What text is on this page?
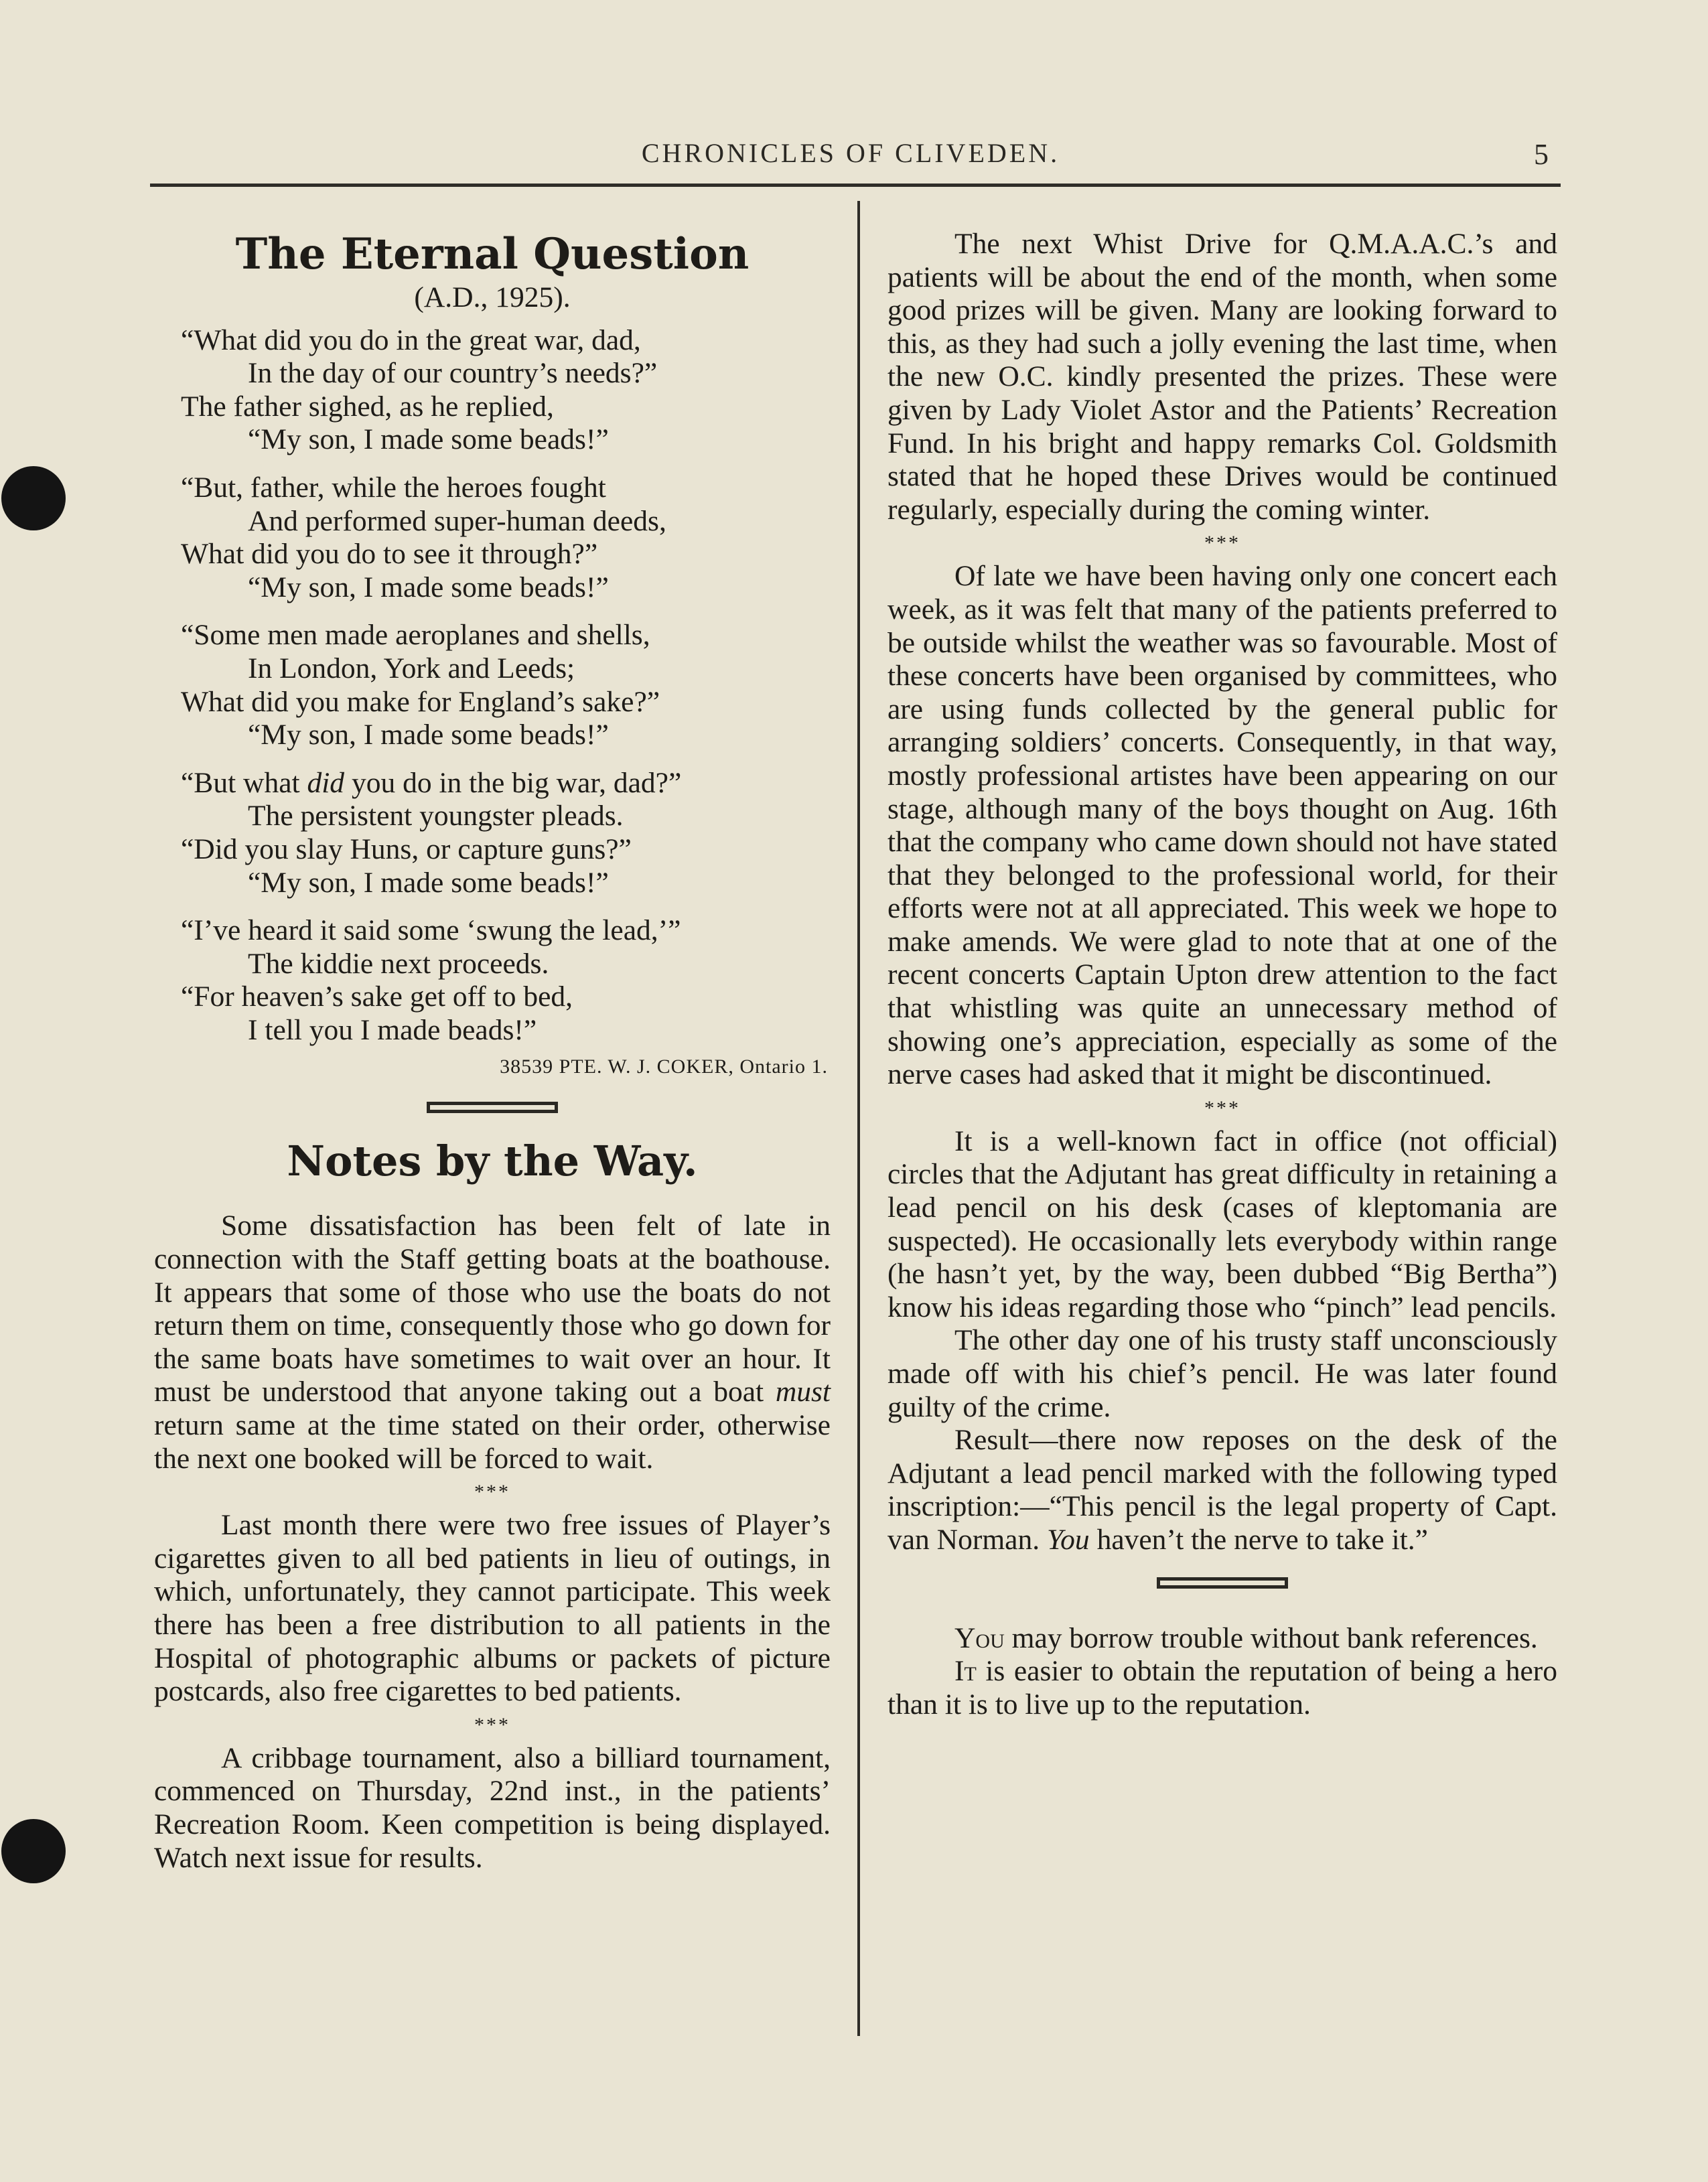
CHRONICLES OF CLIVEDEN.	5
The Eternal Question

(A.D., 1925).

“What did you do in the great war, dad,
In the day of our country’s needs?”
The father sighed, as he replied,
“My son, I made some beads!”
“But, father, while the heroes fought
And performed super-human deeds,
What did you do to see it through?”
“My son, I made some beads!”
“Some men made aeroplanes and shells,
In London, York and Leeds;
What did you make for England’s sake?”
“My son, I made some beads!”
“But what did you do in the big war, dad?”
The persistent youngster pleads.
“Did you slay Huns, or capture guns?”
“My son, I made some beads!”
“I’ve heard it said some ‘swung the lead,’”
The kiddie next proceeds.
“For heaven’s sake get off to bed,
I tell you I made beads!”

38539 PTE. W. J. COKER, Ontario 1.

Notes by the Way.

Some dissatisfaction has been felt of late in connection with the Staff getting boats at the boathouse. It appears that some of those who use the boats do not return them on time, consequently those who go down for the same boats have sometimes to wait over an hour. It must be understood that anyone taking out a boat must return same at the time stated on their order, otherwise the next one booked will be forced to wait.

***

Last month there were two free issues of Player’s cigarettes given to all bed patients in lieu of outings, in which, unfortunately, they cannot participate. This week there has been a free distribution to all patients in the Hospital of photographic albums or packets of picture postcards, also free cigarettes to bed patients.

***

A cribbage tournament, also a billiard tournament, commenced on Thursday, 22nd inst., in the patients’ Recreation Room. Keen competition is being displayed. Watch next issue for results.

The next Whist Drive for Q.M.A.A.C.’s and patients will be about the end of the month, when some good prizes will be given. Many are looking forward to this, as they had such a jolly evening the last time, when the new O.C. kindly presented the prizes. These were given by Lady Violet Astor and the Patients’ Recreation Fund. In his bright and happy remarks Col. Goldsmith stated that he hoped these Drives would be continued regularly, especially during the coming winter.

***

Of late we have been having only one concert each week, as it was felt that many of the patients preferred to be outside whilst the weather was so favourable. Most of these concerts have been organised by committees, who are using funds collected by the general public for arranging soldiers’ concerts. Consequently, in that way, mostly professional artistes have been appearing on our stage, although many of the boys thought on Aug. 16th that the company who came down should not have stated that they belonged to the professional world, for their efforts were not at all appreciated. This week we hope to make amends. We were glad to note that at one of the recent concerts Captain Upton drew attention to the fact that whistling was quite an unnecessary method of showing one’s appreciation, especially as some of the nerve cases had asked that it might be discontinued.

***

It is a well-known fact in office (not official) circles that the Adjutant has great difficulty in retaining a lead pencil on his desk (cases of kleptomania are suspected). He occasionally lets everybody within range (he hasn’t yet, by the way, been dubbed “Big Bertha”) know his ideas regarding those who “pinch” lead pencils.

The other day one of his trusty staff unconsciously made off with his chief’s pencil. He was later found guilty of the crime.

Result—there now reposes on the desk of the Adjutant a lead pencil marked with the following typed inscription:—“This pencil is the legal property of Capt. van Norman. You haven’t the nerve to take it.”

You may borrow trouble without bank references.

It is easier to obtain the reputation of being a hero than it is to live up to the reputation.
